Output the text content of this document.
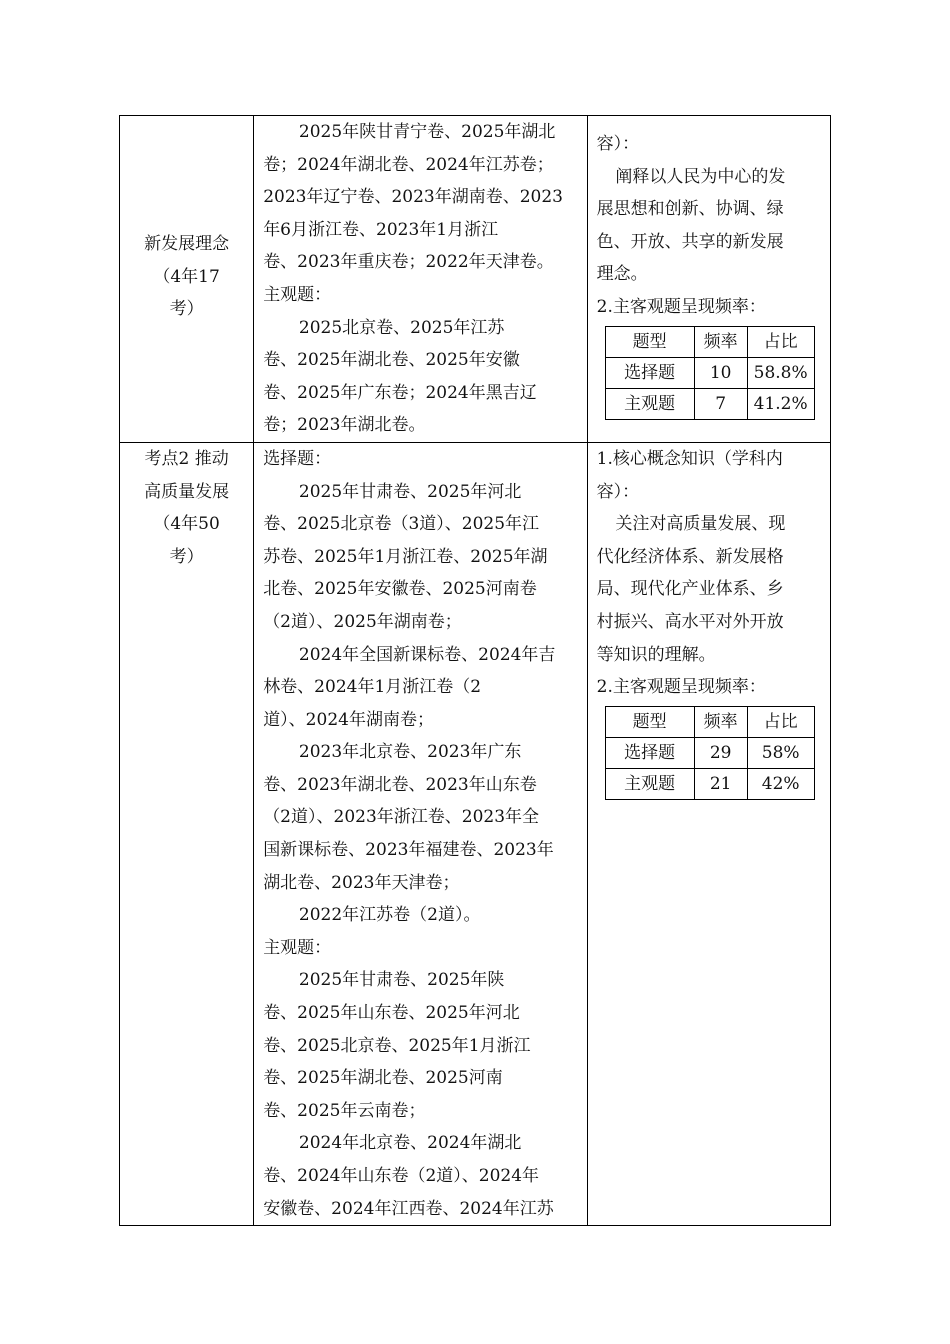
新发展理念
（4年17
考）

2025年陕甘青宁卷、2025年湖北
卷；2024年湖北卷、2024年江苏卷；
2023年辽宁卷、2023年湖南卷、2023
年6月浙江卷、2023年1月浙江
卷、2023年重庆卷；2022年天津卷。
主观题：
2025北京卷、2025年江苏
卷、2025年湖北卷、2025年安徽
卷、2025年广东卷；2024年黑吉辽
卷；2023年湖北卷。

容）：
阐释以人民为中心的发
展思想和创新、协调、绿
色、开放、共享的新发展
理念。
2.主客观题呈现频率：
题型	频率	占比
选择题	10	58.8%
主观题	7	41.2%

考点2 推动
高质量发展
（4年50
考）

选择题：
2025年甘肃卷、2025年河北
卷、2025北京卷（3道）、2025年江
苏卷、2025年1月浙江卷、2025年湖
北卷、2025年安徽卷、2025河南卷
（2道）、2025年湖南卷；
2024年全国新课标卷、2024年吉
林卷、2024年1月浙江卷（2
道）、2024年湖南卷；
2023年北京卷、2023年广东
卷、2023年湖北卷、2023年山东卷
（2道）、2023年浙江卷、2023年全
国新课标卷、2023年福建卷、2023年
湖北卷、2023年天津卷；
2022年江苏卷（2道）。
主观题：
2025年甘肃卷、2025年陕
卷、2025年山东卷、2025年河北
卷、2025北京卷、2025年1月浙江
卷、2025年湖北卷、2025河南
卷、2025年云南卷；
2024年北京卷、2024年湖北
卷、2024年山东卷（2道）、2024年
安徽卷、2024年江西卷、2024年江苏

1.核心概念知识（学科内
容）：
关注对高质量发展、现
代化经济体系、新发展格
局、现代化产业体系、乡
村振兴、高水平对外开放
等知识的理解。
2.主客观题呈现频率：
题型	频率	占比
选择题	29	58%
主观题	21	42%
